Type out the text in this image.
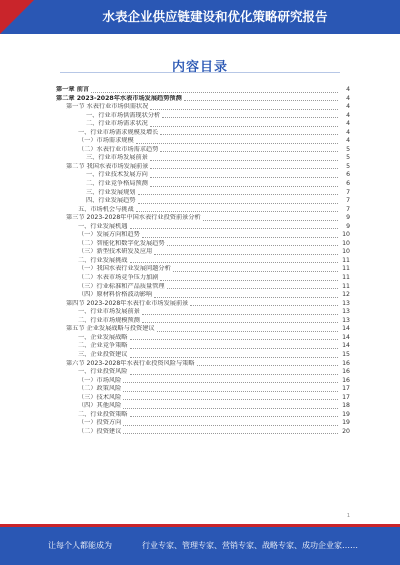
水表企业供应链建设和优化策略研究报告
内容目录
第一章 前言	4
第二章 2023-2028年水表市场发展趋势预测	4
第一节 水表行业市场供需状况	4
一、行业市场供需现状分析	4
二、行业市场需求状况	4
一、行业市场需求规模及增长	4
（一）市场需求规模	4
（二）水表行业市场需求趋势	5
三、行业市场发展前景	5
第二节 我国水表市场发展前景	5
一、行业技术发展方向	6
二、行业竞争格局预测	6
三、行业发展规划	7
四、行业发展趋势	7
五、市场机会与挑战	7
第三节 2023-2028年中国水表行业投资前景分析	9
一、行业发展机遇	9
（一）发展方向和趋势	10
（二）智能化和数字化发展趋势	10
（三）新型技术研发及应用	10
二、行业发展挑战	11
（一）我国水表行业发展问题分析	11
（二）水表市场竞争压力加剧	11
（三）行业标准和产品质量管理	11
（四）原材料价格波动影响	12
第四节 2023-2028年水表行业市场发展前景	13
一、行业市场发展前景	13
二、行业市场规模预测	13
第五节 企业发展战略与投资建议	14
一、企业发展战略	14
二、企业竞争策略	14
三、企业投资建议	15
第六节 2023-2028年水表行业投资风险与策略	16
一、行业投资风险	16
（一）市场风险	16
（二）政策风险	17
（三）技术风险	17
（四）其他风险	18
二、行业投资策略	19
（一）投资方向	19
（二）投资建议	20
1
让每个人都能成为	行业专家、管理专家、营销专家、战略专家、成功企业家……
